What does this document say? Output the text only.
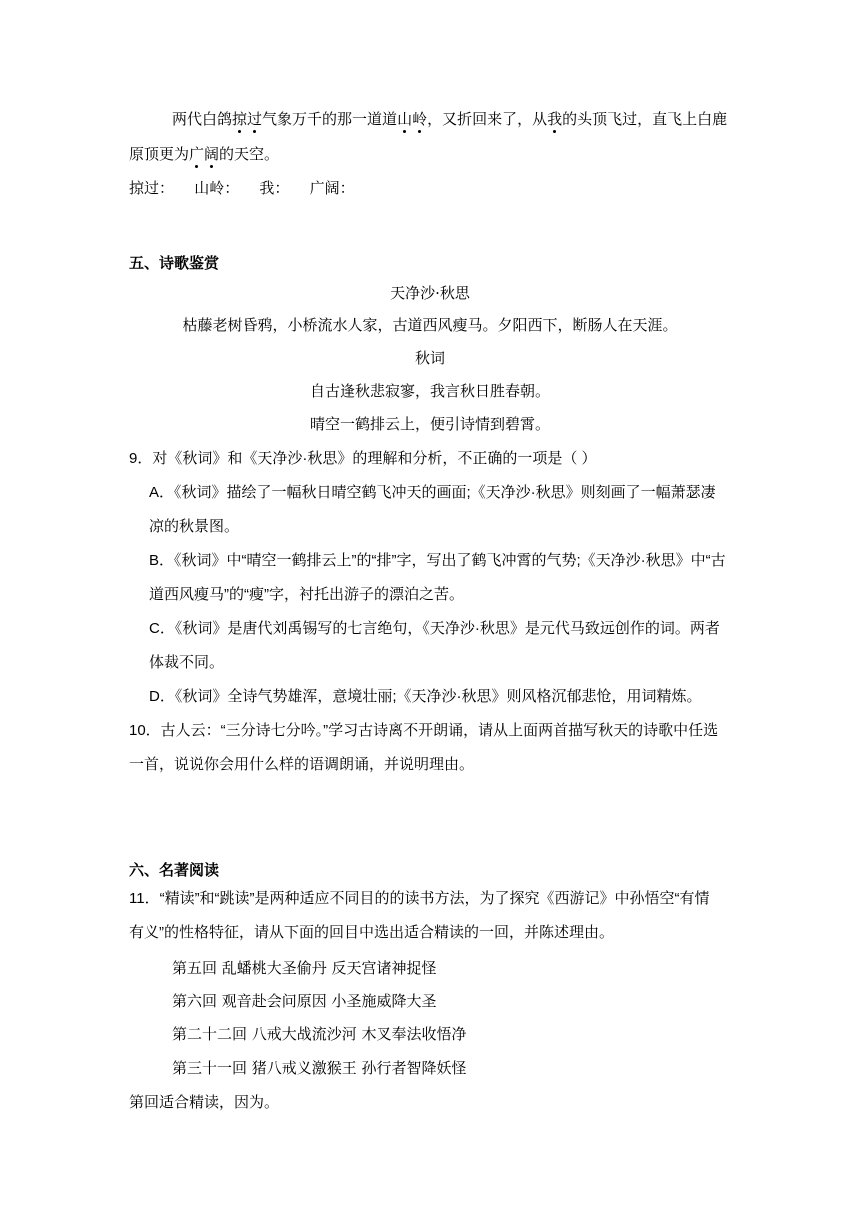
两代白鸽掠过气象万千的那一道道山岭，又折回来了，从我的头顶飞过，直飞上白鹿
原顶更为广阔的天空。
掠过： 山岭： 我： 广阔：
五、诗歌鉴赏
天净沙·秋思
枯藤老树昏鸦，小桥流水人家，古道西风瘦马。夕阳西下，断肠人在天涯。
秋词
自古逢秋悲寂寥，我言秋日胜春朝。
晴空一鹤排云上，便引诗情到碧霄。
9．对《秋词》和《天净沙·秋思》的理解和分析，不正确的一项是（ ）
A．《秋词》描绘了一幅秋日晴空鹤飞冲天的画面;《天净沙·秋思》则刻画了一幅萧瑟凄
凉的秋景图。
B．《秋词》中“晴空一鹤排云上”的“排”字，写出了鹤飞冲霄的气势;《天净沙·秋思》中“古
道西风瘦马”的“瘦”字，衬托出游子的漂泊之苦。
C．《秋词》是唐代刘禹锡写的七言绝句，《天净沙·秋思》是元代马致远创作的词。两者
体裁不同。
D．《秋词》全诗气势雄浑，意境壮丽;《天净沙·秋思》则风格沉郁悲怆，用词精炼。
10．古人云：“三分诗七分吟。”学习古诗离不开朗诵，请从上面两首描写秋天的诗歌中任选
一首，说说你会用什么样的语调朗诵，并说明理由。
六、名著阅读
11．“精读”和“跳读”是两种适应不同目的的读书方法，为了探究《西游记》中孙悟空“有情
有义”的性格特征，请从下面的回目中选出适合精读的一回，并陈述理由。
第五回 乱蟠桃大圣偷丹 反天宫诸神捉怪
第六回 观音赴会问原因 小圣施威降大圣
第二十二回 八戒大战流沙河 木叉奉法收悟净
第三十一回 猪八戒义激猴王 孙行者智降妖怪
第回适合精读，因为。
